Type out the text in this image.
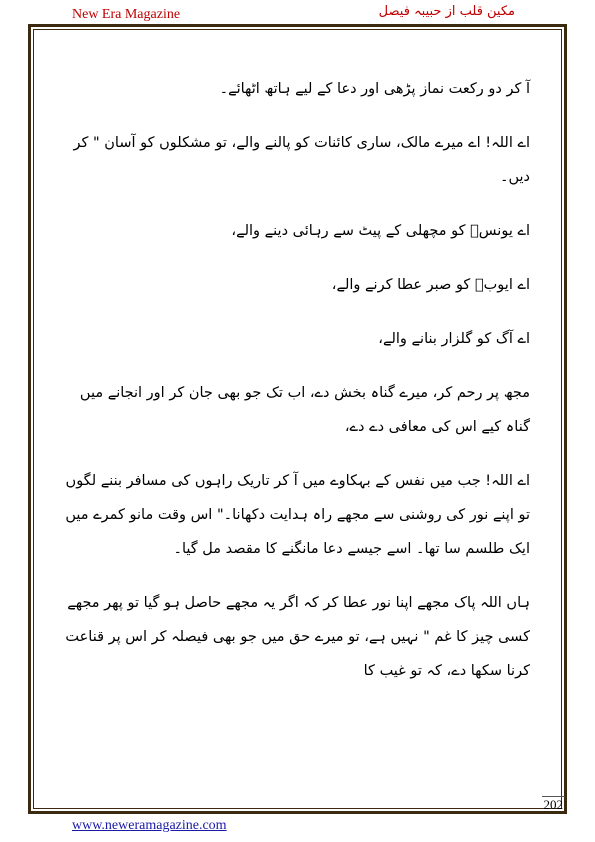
New Era Magazine	مکین قلب از حبیبہ فیصل

آ کر دو رکعت نماز پڑھی اور دعا کے لیے ہاتھ اٹھائے۔

اے اللہ! اے میرے مالک، ساری کائنات کو پالنے والے، تو مشکلوں کو آسان " کر دیں۔

اے یونسؑ کو مچھلی کے پیٹ سے رہائی دینے والے،

اے ایوبؑ کو صبر عطا کرنے والے،

اے آگ کو گلزار بنانے والے،

مجھ پر رحم کر، میرے گناہ بخش دے، اب تک جو بھی جان کر اور انجانے میں گناہ کیے اس کی معافی دے دے،

اے اللہ! جب میں نفس کے بہکاوے میں آ کر تاریک راہوں کی مسافر بننے لگوں تو اپنے نور کی روشنی سے مجھے راہ ہدایت دکھانا۔" اس وقت مانو کمرے میں ایک طلسم سا تھا۔ اسے جیسے دعا مانگنے کا مقصد مل گیا۔

ہاں اللہ پاک مجھے اپنا نور عطا کر کہ اگر یہ مجھے حاصل ہو گیا تو پھر مجھے کسی چیز کا غم " نہیں ہے، تو میرے حق میں جو بھی فیصلہ کر اس پر قناعت کرنا سکھا دے، کہ تو غیب کا

202
www.neweramagazine.com
